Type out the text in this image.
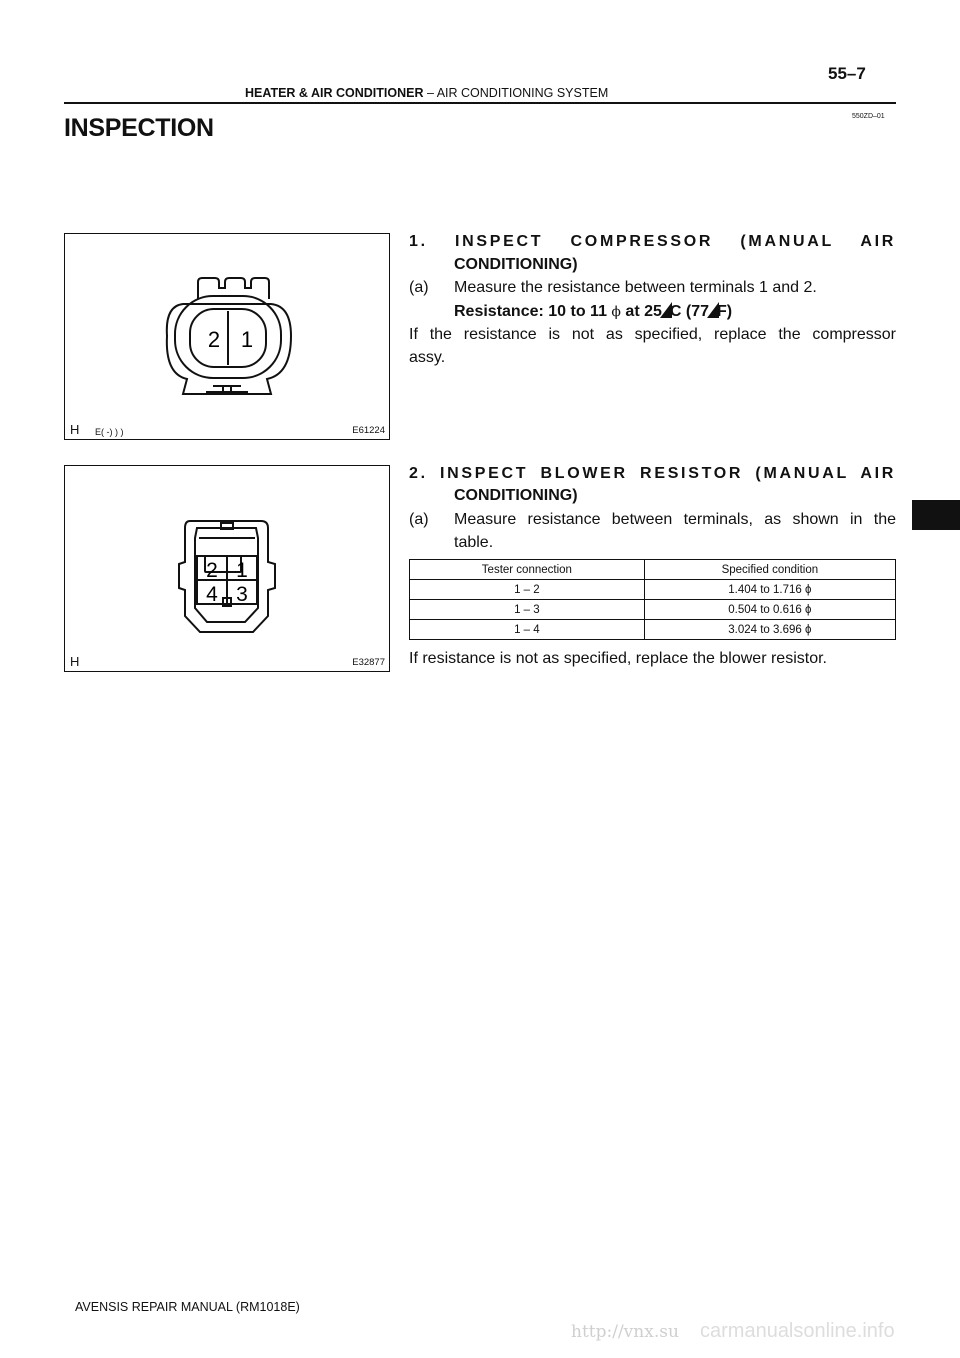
55–7
HEATER & AIR CONDITIONER – AIR CONDITIONING SYSTEM
550ZD–01
INSPECTION
2 1
H E( -) ) )	E61224
2 1
4 3
H	E32877
1. INSPECT COMPRESSOR (MANUAL AIR
CONDITIONING)
(a) Measure the resistance between terminals 1 and 2.
Resistance: 10 to 11 ϕ at 25 C (77 F)
If the resistance is not as specified, replace the compressor
assy.
2. INSPECT BLOWER RESISTOR (MANUAL AIR
CONDITIONING)
(a) Measure resistance between terminals, as shown in the
table.
Tester connection	Specified condition
1 – 2	1.404 to 1.716 ϕ
1 – 3	0.504 to 0.616 ϕ
1 – 4	3.024 to 3.696 ϕ
If resistance is not as specified, replace the blower resistor.
AVENSIS REPAIR MANUAL (RM1018E)
http://vnx.su carmanualsonline.info
